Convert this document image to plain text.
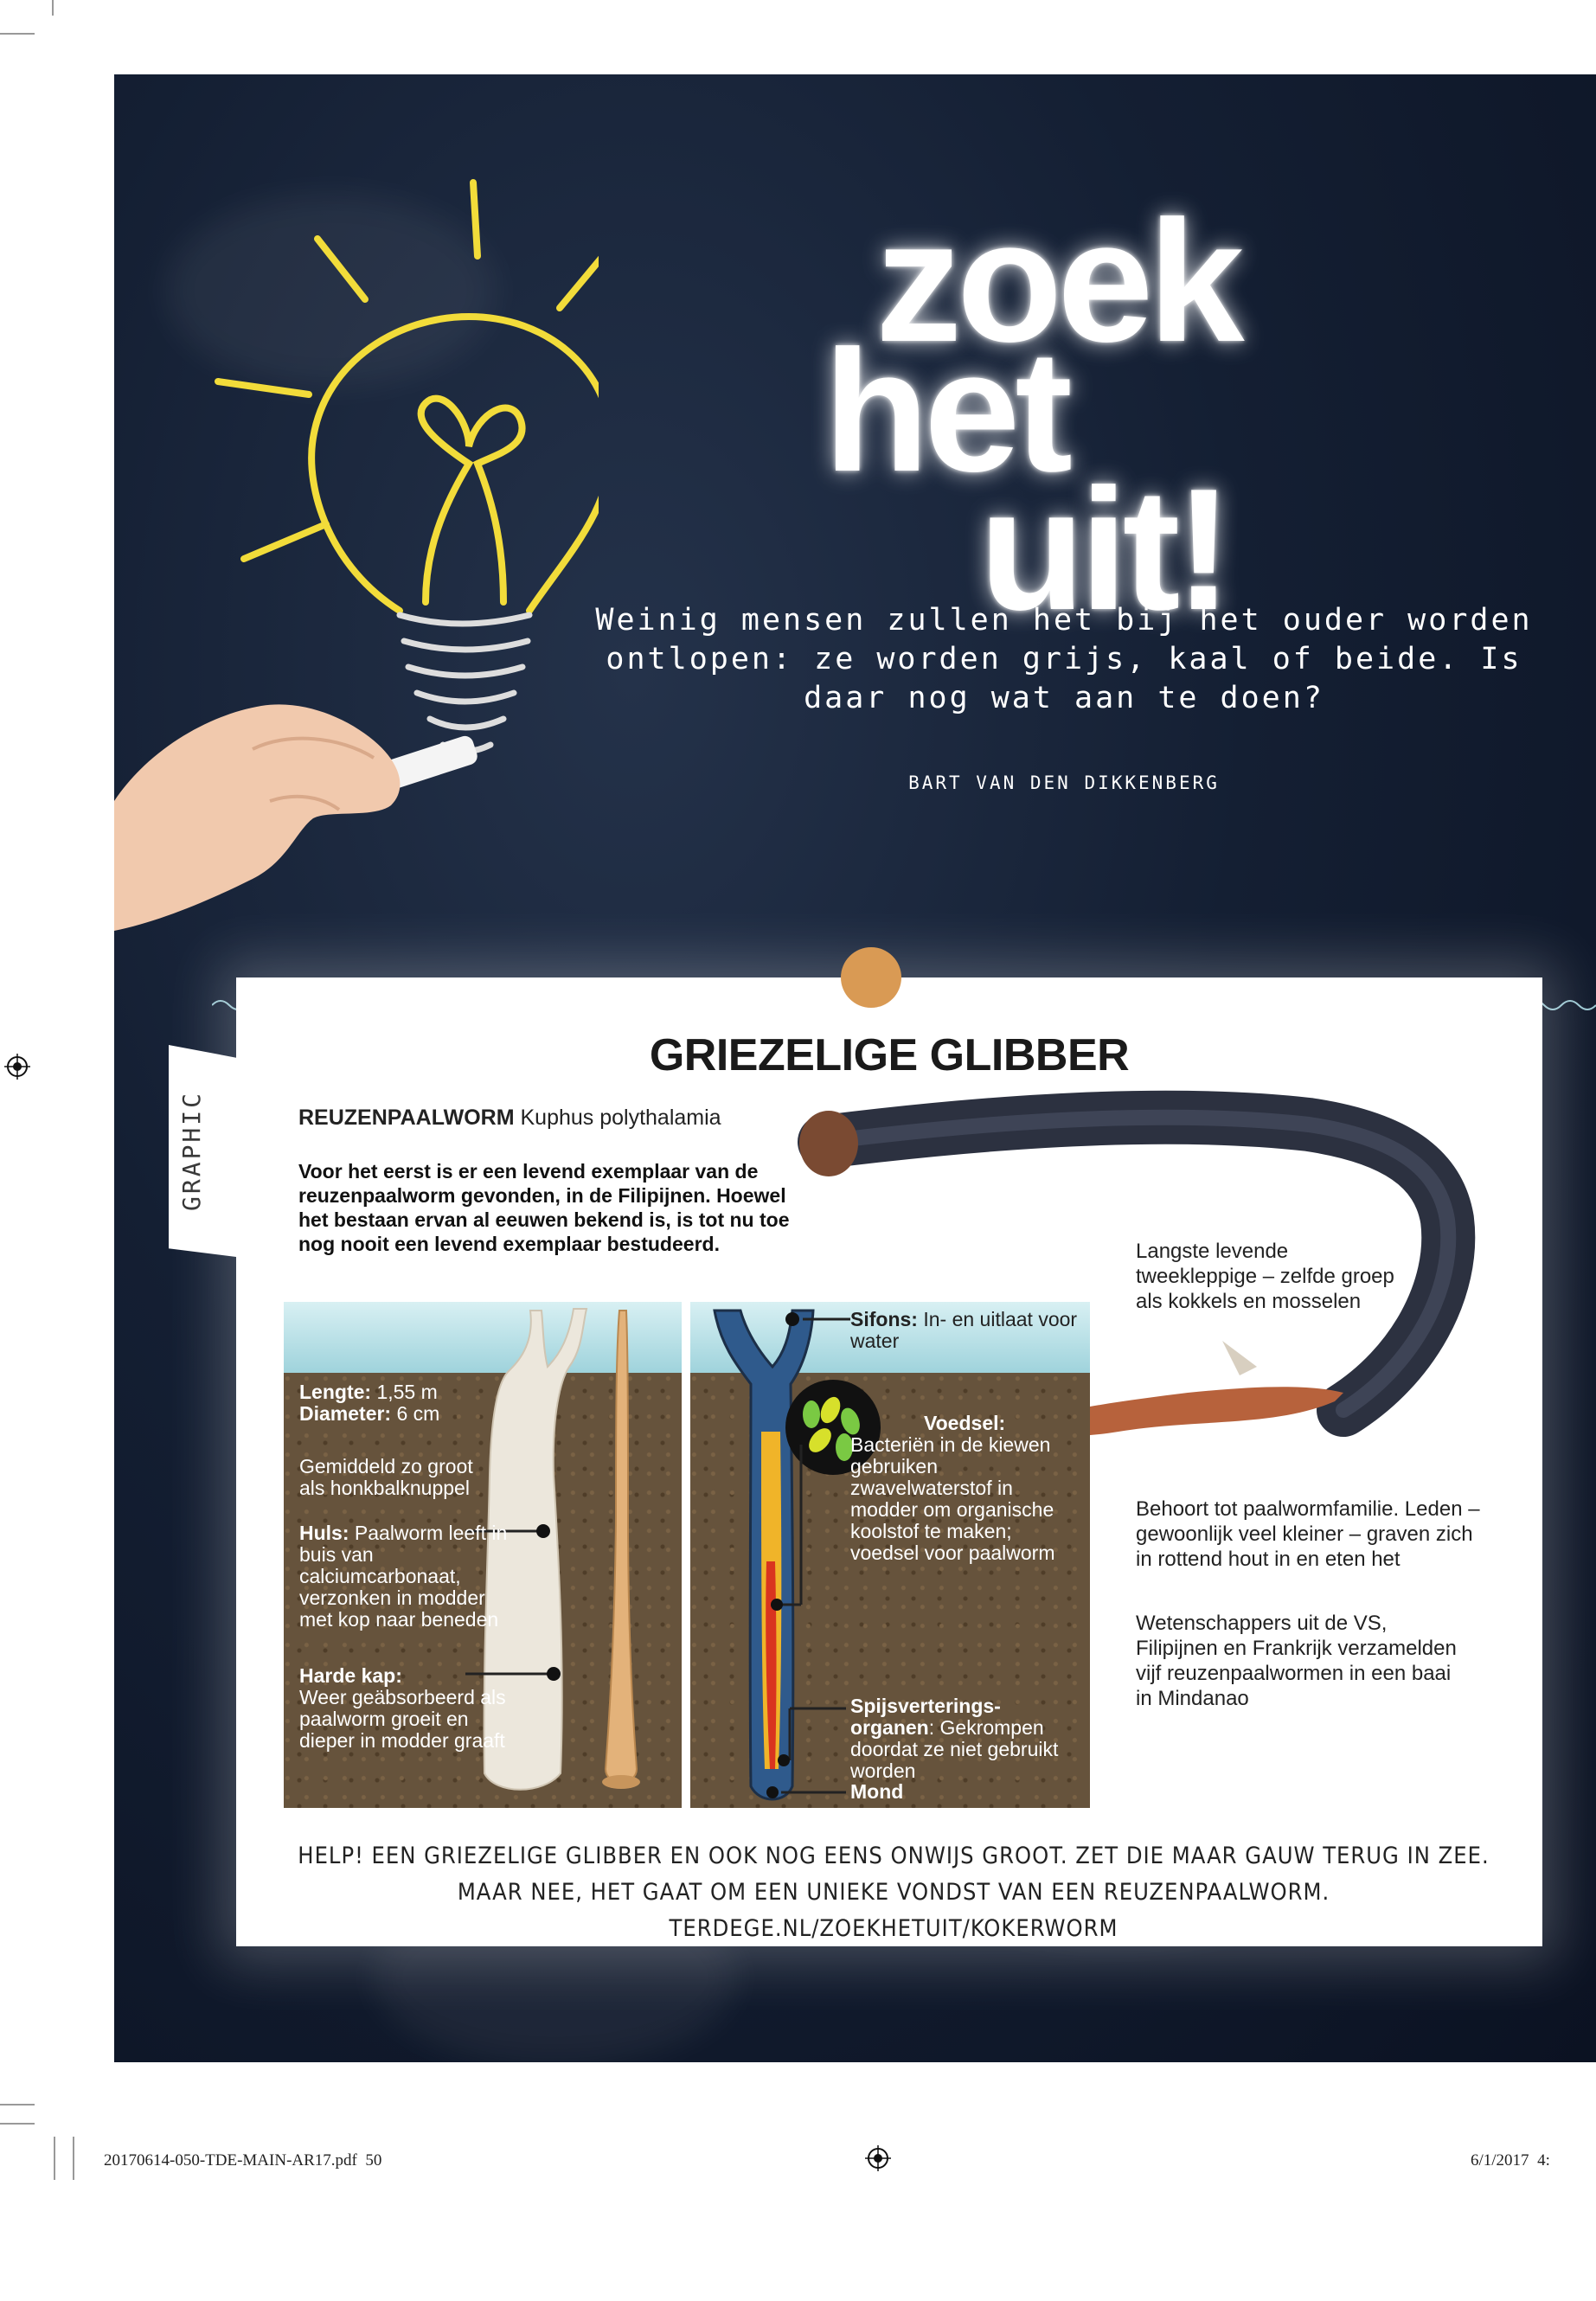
zoek
het
uit!
Weinig mensen zullen het bij het ouder worden ontlopen: ze worden grijs, kaal of beide. Is daar nog wat aan te doen?
BART VAN DEN DIKKENBERG
GRAPHIC
GRIEZELIGE GLIBBER
REUZENPAALWORM Kuphus polythalamia
Voor het eerst is er een levend exemplaar van de reuzenpaalworm gevonden, in de Filipijnen. Hoewel het bestaan ervan al eeuwen bekend is, is tot nu toe nog nooit een levend exemplaar bestudeerd.	Langste levende tweekleppige – zelfde groep als kokkels en mosselen
Behoort tot paalwormfamilie. Leden – gewoonlijk veel kleiner – graven zich in rottend hout in en eten het
Wetenschappers uit de VS, Filipijnen en Frankrijk verzamelden vijf reuzenpaalwormen in een baai in Mindanao
Lengte: 1,55 m
Diameter: 6 cm
Gemiddeld zo groot als honkbalknuppel
Huls: Paalworm leeft in buis van calciumcarbonaat, verzonken in modder met kop naar beneden
Harde kap:
Weer geäbsorbeerd als paalworm groeit en dieper in modder graaft
Sifons: In- en uitlaat voor water
Voedsel:
Bacteriën in de kiewen gebruiken zwavelwaterstof in modder om organische koolstof te maken; voedsel voor paalworm
Spijsverterings-organen: Gekrompen doordat ze niet gebruikt worden
Mond
HELP! EEN GRIEZELIGE GLIBBER EN OOK NOG EENS ONWIJS GROOT. ZET DIE MAAR GAUW TERUG IN ZEE. MAAR NEE, HET GAAT OM EEN UNIEKE VONDST VAN EEN REUZENPAALWORM. TERDEGE.NL/ZOEKHETUIT/KOKERWORM
20170614-050-TDE-MAIN-AR17.pdf 50	6/1/2017 4:
